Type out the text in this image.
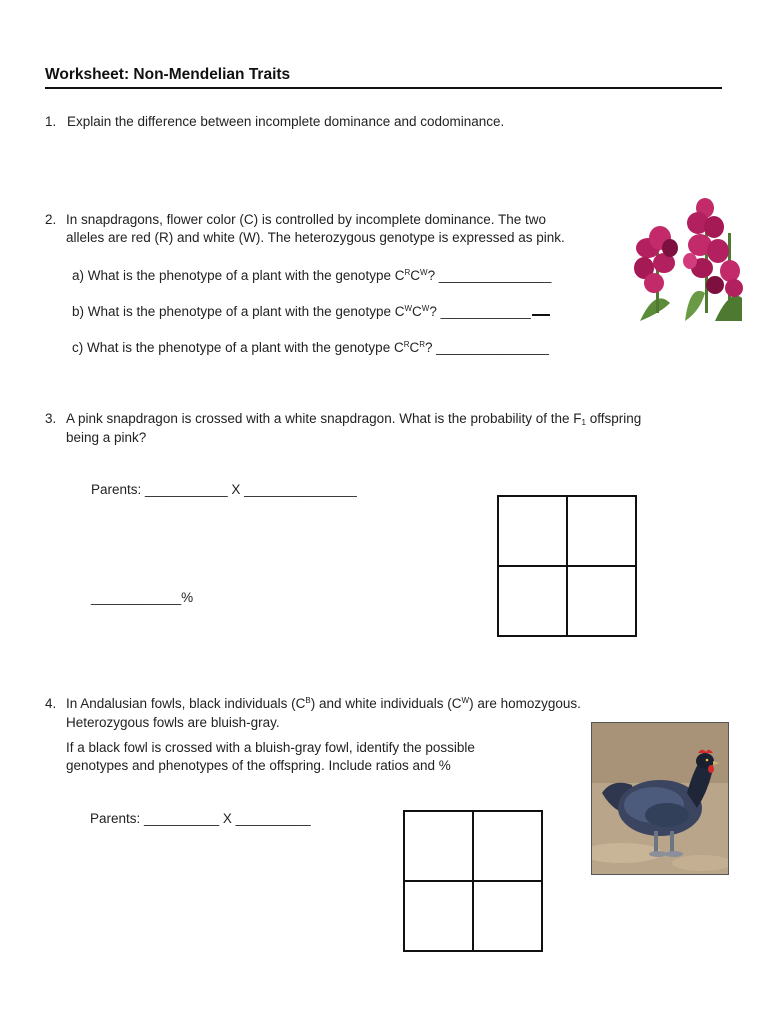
Worksheet: Non-Mendelian Traits
1. Explain the difference between incomplete dominance and codominance.
2. In snapdragons, flower color (C) is controlled by incomplete dominance. The two
alleles are red (R) and white (W). The heterozygous genotype is expressed as pink.
a) What is the phenotype of a plant with the genotype $C^RC^W$? _______________
b) What is the phenotype of a plant with the genotype $C^WC^W$? ____________
c) What is the phenotype of a plant with the genotype $C^RC^R$? _______________
3. A pink snapdragon is crossed with a white snapdragon. What is the probability of the $F_1$ offspring
being a pink?
Parents: ___________ X _______________
____________%
4. In Andalusian fowls, black individuals $(C^B)$ and white individuals $(C^W)$ are homozygous.
Heterozygous fowls are bluish-gray.
If a black fowl is crossed with a bluish-gray fowl, identify the possible
genotypes and phenotypes of the offspring. Include ratios and %
Parents: __________ X __________
